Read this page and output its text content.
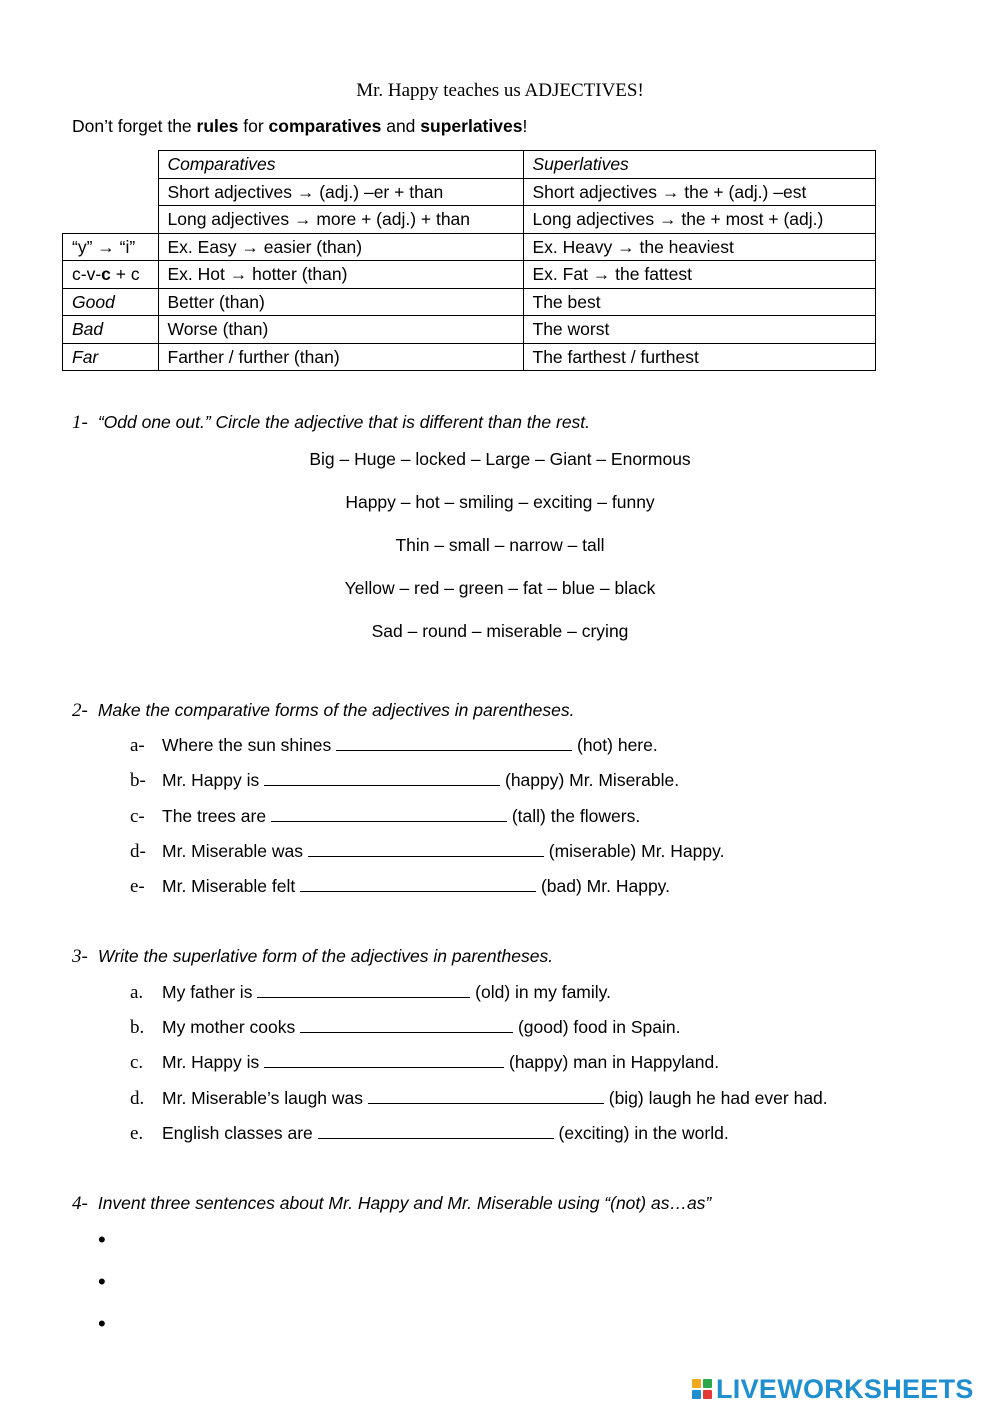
Mr. Happy teaches us ADJECTIVES!
Don’t forget the rules for comparatives and superlatives!
	Comparatives	Superlatives
	Short adjectives → (adj.) –er + than	Short adjectives → the + (adj.) –est
	Long adjectives → more + (adj.) + than	Long adjectives → the + most + (adj.)
“y” → “i”	Ex. Easy → easier (than)	Ex. Heavy → the heaviest
c-v-c + c	Ex. Hot → hotter (than)	Ex. Fat → the fattest
Good	Better (than)	The best
Bad	Worse (than)	The worst
Far	Farther / further (than)	The farthest / furthest
1- “Odd one out.” Circle the adjective that is different than the rest.
Big – Huge – locked – Large – Giant – Enormous
Happy – hot – smiling – exciting – funny
Thin – small – narrow – tall
Yellow – red – green – fat – blue – black
Sad – round – miserable – crying
2- Make the comparative forms of the adjectives in parentheses.
a- Where the sun shines	(hot) here.
b- Mr. Happy is	(happy) Mr. Miserable.
c- The trees are	(tall) the flowers.
d- Mr. Miserable was	(miserable) Mr. Happy.
e- Mr. Miserable felt	(bad) Mr. Happy.
3- Write the superlative form of the adjectives in parentheses.
a. My father is	(old) in my family.
b. My mother cooks	(good) food in Spain.
c. Mr. Happy is	(happy) man in Happyland.
d. Mr. Miserable’s laugh was	(big) laugh he had ever had.
e. English classes are	(exciting) in the world.
4- Invent three sentences about Mr. Happy and Mr. Miserable using “(not) as…as”
•
•
•
LIVEWORKSHEETS
